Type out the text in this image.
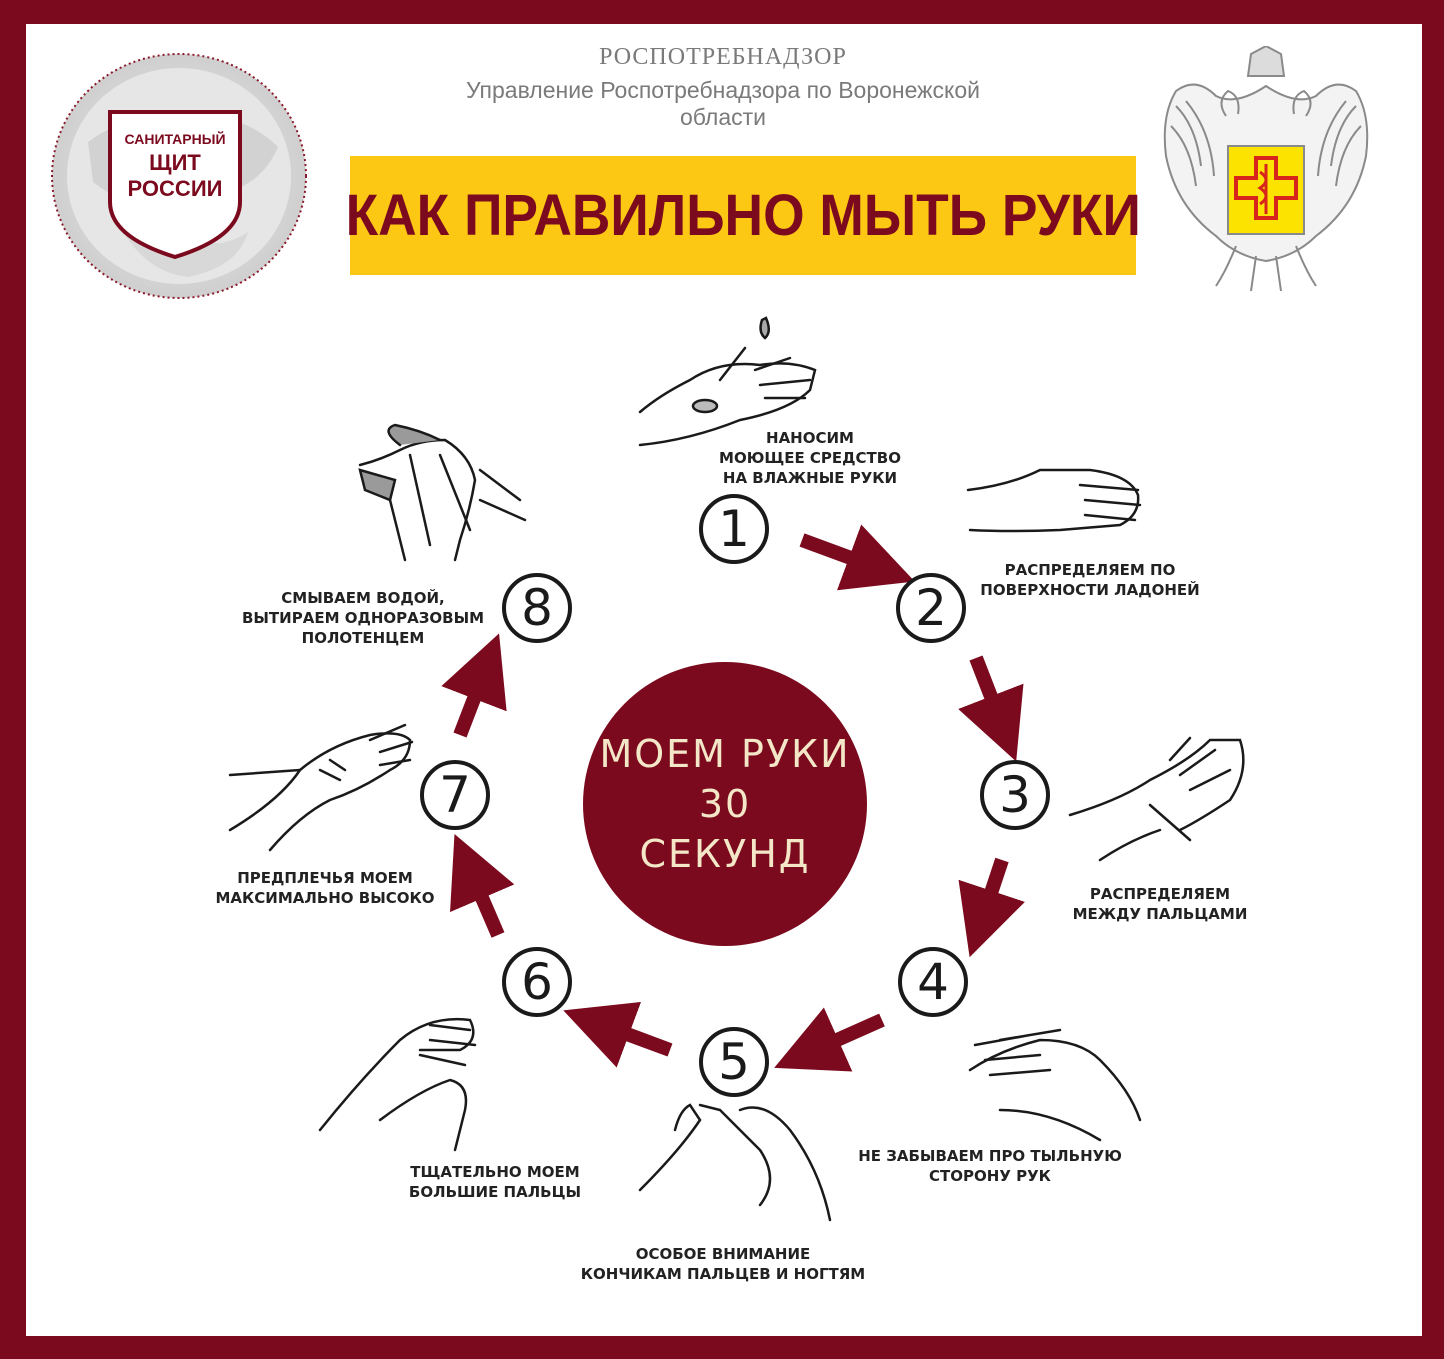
САНИТАРНЫЙ
ЩИТ
РОССИИ
РОСПОТРЕБНАДЗОР
Управление Роспотребнадзора по Воронежской области
КАК ПРАВИЛЬНО МЫТЬ РУКИ
МОЕМ РУКИ
30
СЕКУНД
1
2
3
4
5
6
7
8
НАНОСИМ
МОЮЩЕЕ СРЕДСТВО
НА ВЛАЖНЫЕ РУКИ
РАСПРЕДЕЛЯЕМ ПО
ПОВЕРХНОСТИ ЛАДОНЕЙ
РАСПРЕДЕЛЯЕМ
МЕЖДУ ПАЛЬЦАМИ
НЕ ЗАБЫВАЕМ ПРО ТЫЛЬНУЮ
СТОРОНУ РУК
ОСОБОЕ ВНИМАНИЕ
КОНЧИКАМ ПАЛЬЦЕВ И НОГТЯМ
ТЩАТЕЛЬНО МОЕМ
БОЛЬШИЕ ПАЛЬЦЫ
ПРЕДПЛЕЧЬЯ МОЕМ
МАКСИМАЛЬНО ВЫСОКО
СМЫВАЕМ ВОДОЙ,
ВЫТИРАЕМ ОДНОРАЗОВЫМ
ПОЛОТЕНЦЕМ
